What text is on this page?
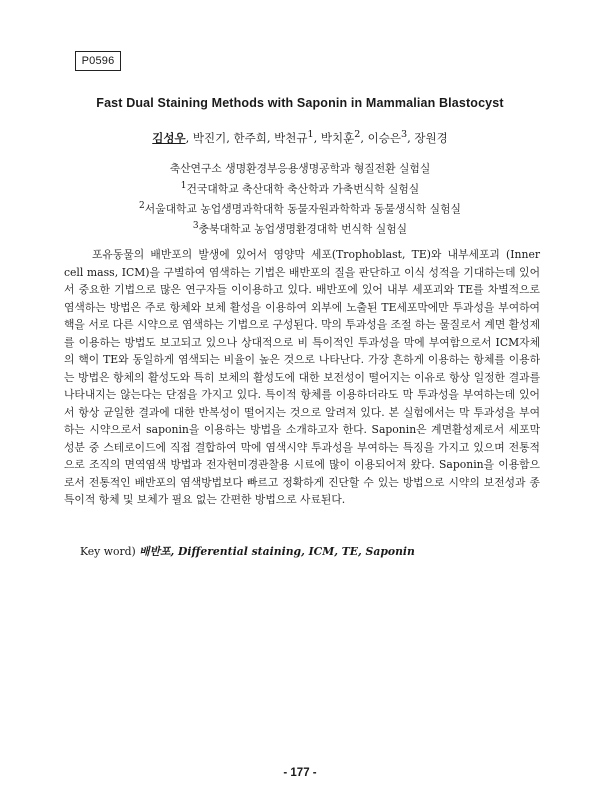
P0596
Fast Dual Staining Methods with Saponin in Mammalian Blastocyst
김성우, 박진기, 한주희, 박천규$^1$, 박치훈$^2$, 이승은$^3$, 장원경

축산연구소 생명환경부응용생명공학과 형질전환 실험실

$^1$건국대학교 축산대학 축산학과 가축번식학 실험실

$^2$서울대학교 농업생명과학대학 동물자원과학학과 동물생식학 실험실

$^3$충북대학교 농업생명환경대학 번식학 실험실

포유동물의 배반포의 발생에 있어서 영양막 세포(Trophoblast, TE)와 내부세포괴 (Inner cell mass, ICM)을 구별하여 염색하는 기법은 배반포의 질을 판단하고 이식 성적을 기대하는데 있어서 중요한 기법으로 많은 연구자들 이이용하고 있다. 배반포에 있어 내부 세포괴와 TE를 차별적으로 염색하는 방법은 주로 항체와 보체 활성을 이용하여 외부에 노출된 TE세포막에만 투과성을 부여하여 핵을 서로 다른 시약으로 염색하는 기법으로 구성된다. 막의 투과성을 조절 하는 물질로서 계면 활성제를 이용하는 방법도 보고되고 있으나 상대적으로 비 특이적인 투과성을 막에 부여함으로서 ICM자체의 핵이 TE와 동일하게 염색되는 비율이 높은 것으로 나타난다. 가장 흔하게 이용하는 항체를 이용하는 방법은 항체의 활성도와 특히 보체의 활성도에 대한 보전성이 떨어지는 이유로 항상 일정한 결과를 나타내지는 않는다는 단점을 가지고 있다. 특이적 항체를 이용하더라도 막 투과성을 부여하는데 있어서 항상 균일한 결과에 대한 반복성이 떨어지는 것으로 알려져 있다. 본 실험에서는 막 투과성을 부여하는 시약으로서 saponin을 이용하는 방법을 소개하고자 한다. Saponin은 계면활성제로서 세포막 성분 중 스테로이드에 직접 결합하여 막에 염색시약 투과성을 부여하는 특징을 가지고 있으며 전통적으로 조직의 면역염색 방법과 전자현미경관찰용 시료에 많이 이용되어져 왔다. Saponin을 이용함으로서 전통적인 배반포의 염색방법보다 빠르고 정확하게 진단할 수 있는 방법으로 시약의 보전성과 종 특이적 항체 및 보체가 필요 없는 간편한 방법으로 사료된다.

Key word) 배반포, Differential staining, ICM, TE, Saponin
- 177 -
